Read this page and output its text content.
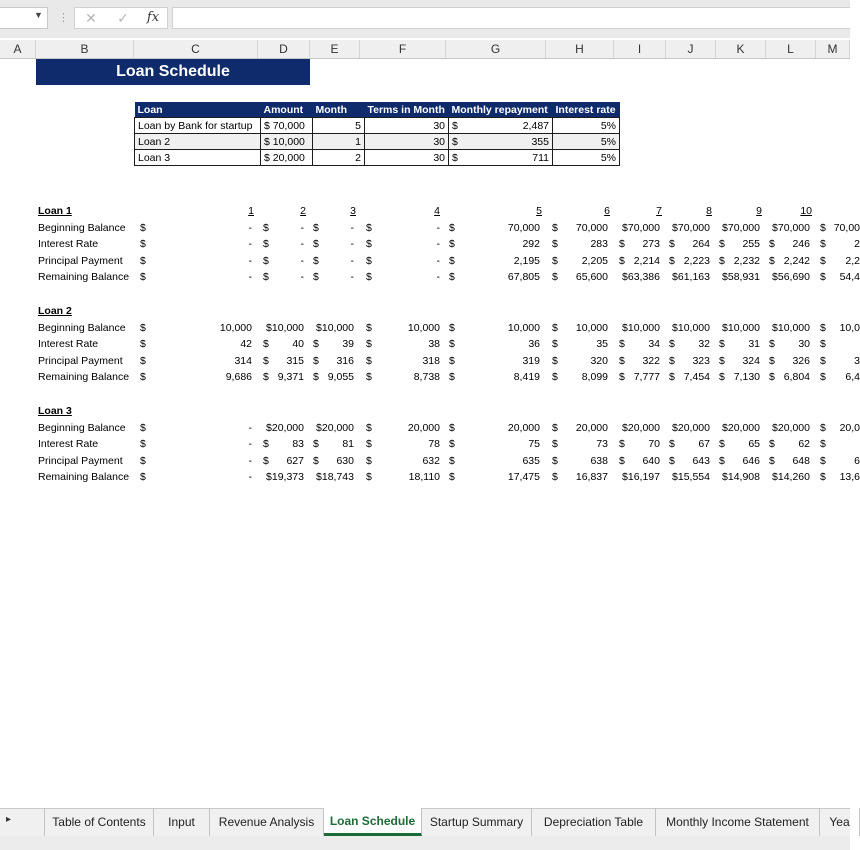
▼ ⋮	✕	✓	fx
A	B	C	D	E	F	G	H	I	J	K	L	M
Loan Schedule
Loan	Amount	Month	Terms in Month	Monthly repayment	Interest rate
Loan by Bank for startup	$ 70,000	5	30	$ 2,487	5%
Loan 2	$ 10,000	1	30	$ 355	5%
Loan 3	$ 20,000	2	30	$ 711	5%
Loan 1	1	2	3	4	5	6	7	8	9	10
Beginning Balance $	- $	- $	- $	- $	70,000 $	70,000	$70,000	$70,000	$70,000	$70,000 $ 70,00
Interest Rate	$	- $	- $	- $	- $	292 $	283 $	273 $	264 $	255 $	246 $	2
Principal Payment $	- $	- $	- $	- $	2,195 $	2,205 $ 2,214 $ 2,223 $ 2,232 $ 2,242 $	2,2
Remaining Balance $	- $	- $	- $	- $	67,805 $	65,600	$63,386	$61,163	$58,931	$56,690 $	54,4
Loan 2
Beginning Balance $	10,000	$10,000	$10,000 $	10,000 $	10,000 $	10,000	$10,000	$10,000	$10,000	$10,000 $	10,0
Interest Rate	$	42 $	40 $	39 $	38 $	36 $	35 $	34 $	32 $	31 $	30 $
Principal Payment $	314 $	315 $	316 $	318 $	319 $	320 $	322 $	323 $	324 $	326 $	3
Remaining Balance $	9,686 $ 9,371 $ 9,055 $	8,738 $	8,419 $	8,099 $ 7,777 $ 7,454 $ 7,130 $ 6,804 $	6,4
Loan 3
Beginning Balance $	-	$20,000	$20,000 $	20,000 $	20,000 $	20,000	$20,000	$20,000	$20,000	$20,000 $	20,0
Interest Rate	$	- $	83 $	81 $	78 $	75 $	73 $	70 $	67 $	65 $	62 $
Principal Payment $	- $	627 $	630 $	632 $	635 $	638 $	640 $	643 $	646 $	648 $	6
Remaining Balance $	-	$19,373	$18,743 $	18,110 $	17,475 $	16,837	$16,197	$15,554	$14,908	$14,260 $	13,6
▸	Table of Contents	Input	Revenue Analysis	Loan Schedule	Startup Summary	Depreciation Table	Monthly Income Statement	Yea
